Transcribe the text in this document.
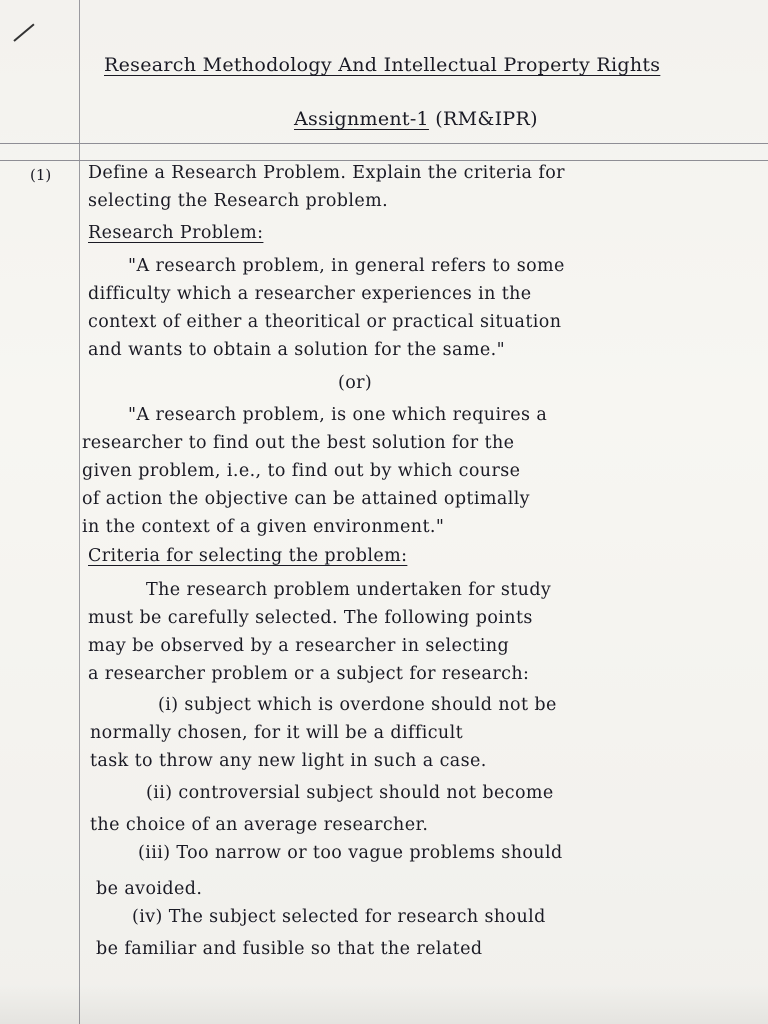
Research Methodology And Intellectual Property Rights
Assignment-1 (RM&IPR)
(1) Define a Research Problem. Explain the criteria for
selecting the Research problem.
Research Problem:
"A research problem, in general refers to some
difficulty which a researcher experiences in the
context of either a theoritical or practical situation
and wants to obtain a solution for the same."
(or)
"A research problem, is one which requires a
researcher to find out the best solution for the
given problem, i.e., to find out by which course
of action the objective can be attained optimally
in the context of a given environment."
Criteria for selecting the problem:
The research problem undertaken for study
must be carefully selected. The following points
may be observed by a researcher in selecting
a researcher problem or a subject for research:
(i) subject which is overdone should not be
normally chosen, for it will be a difficult
task to throw any new light in such a case.
(ii) controversial subject should not become
the choice of an average researcher.
(iii) Too narrow or too vague problems should
be avoided.
(iv) The subject selected for research should
be familiar and fusible so that the related
